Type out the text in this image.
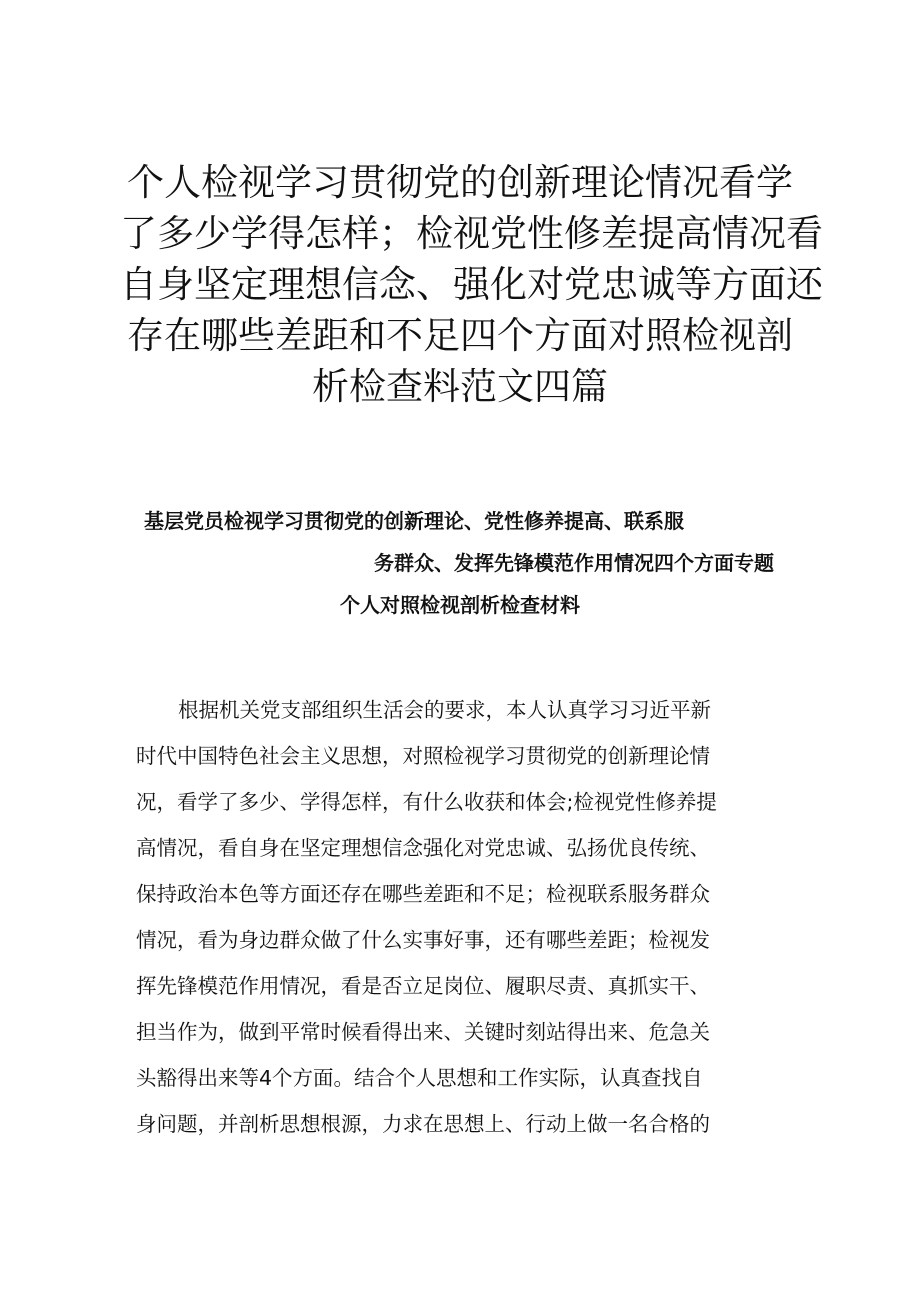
个人检视学习贯彻党的创新理论情况看学
了多少学得怎样；检视党性修差提高情况看
自身坚定理想信念、强化对党忠诚等方面还
存在哪些差距和不足四个方面对照检视剖
析检查料范文四篇
基层党员检视学习贯彻党的创新理论、党性修养提高、联系服
务群众、发挥先锋模范作用情况四个方面专题
个人对照检视剖析检查材料
根据机关党支部组织生活会的要求，本人认真学习习近平新
时代中国特色社会主义思想，对照检视学习贯彻党的创新理论情
况，看学了多少、学得怎样，有什么收获和体会;检视党性修养提
高情况，看自身在坚定理想信念强化对党忠诚、弘扬优良传统、
保持政治本色等方面还存在哪些差距和不足；检视联系服务群众
情况，看为身边群众做了什么实事好事，还有哪些差距；检视发
挥先锋模范作用情况，看是否立足岗位、履职尽责、真抓实干、
担当作为，做到平常时候看得出来、关键时刻站得出来、危急关
头豁得出来等4个方面。结合个人思想和工作实际，认真查找自
身问题，并剖析思想根源，力求在思想上、行动上做一名合格的
